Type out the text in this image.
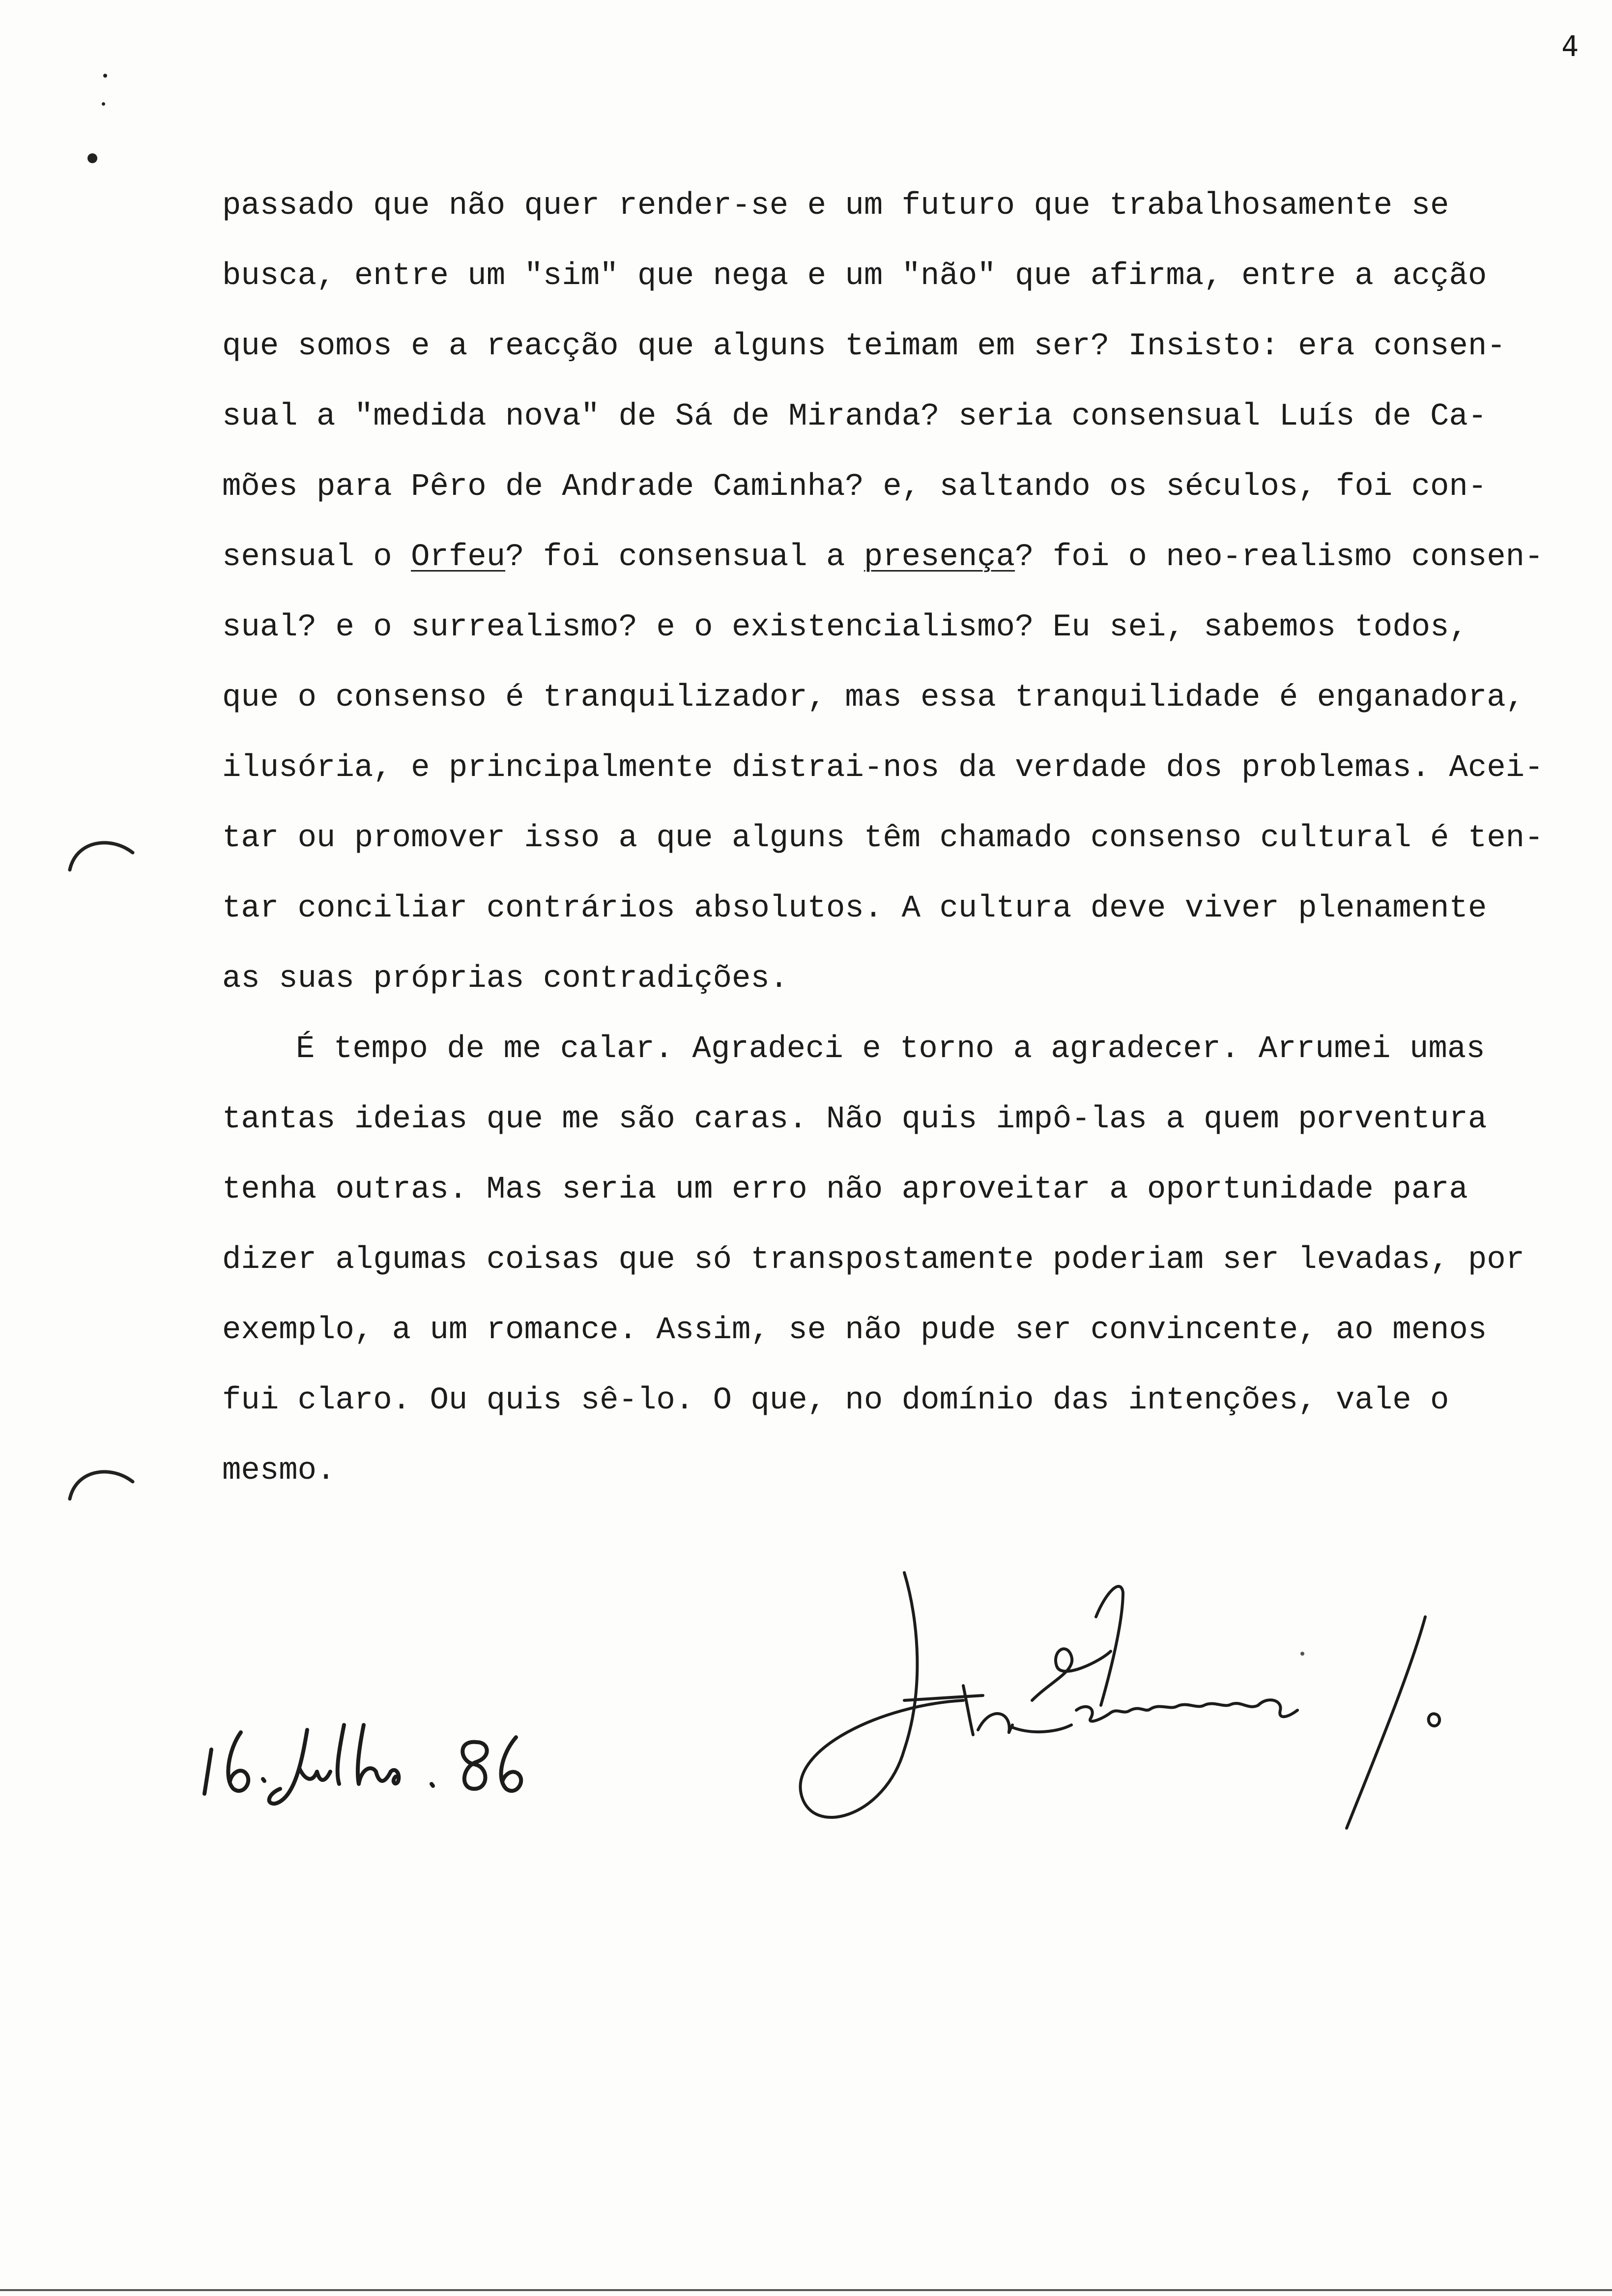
4
passado que não quer render-se e um futuro que trabalhosamente se
busca, entre um "sim" que nega e um "não" que afirma, entre a acção
que somos e a reacção que alguns teimam em ser? Insisto: era consen-
sual a "medida nova" de Sá de Miranda? seria consensual Luís de Ca-
mões para Pêro de Andrade Caminha? e, saltando os séculos, foi con-
sensual o Orfeu? foi consensual a presença? foi o neo-realismo consen-
sual? e o surrealismo? e o existencialismo? Eu sei, sabemos todos,
que o consenso é tranquilizador, mas essa tranquilidade é enganadora,
ilusória, e principalmente distrai-nos da verdade dos problemas. Acei-
tar ou promover isso a que alguns têm chamado consenso cultural é ten-
tar conciliar contrários absolutos. A cultura deve viver plenamente
as suas próprias contradições.
É tempo de me calar. Agradeci e torno a agradecer. Arrumei umas
tantas ideias que me são caras. Não quis impô-las a quem porventura
tenha outras. Mas seria um erro não aproveitar a oportunidade para
dizer algumas coisas que só transpostamente poderiam ser levadas, por
exemplo, a um romance. Assim, se não pude ser convincente, ao menos
fui claro. Ou quis sê-lo. O que, no domínio das intenções, vale o
mesmo.
